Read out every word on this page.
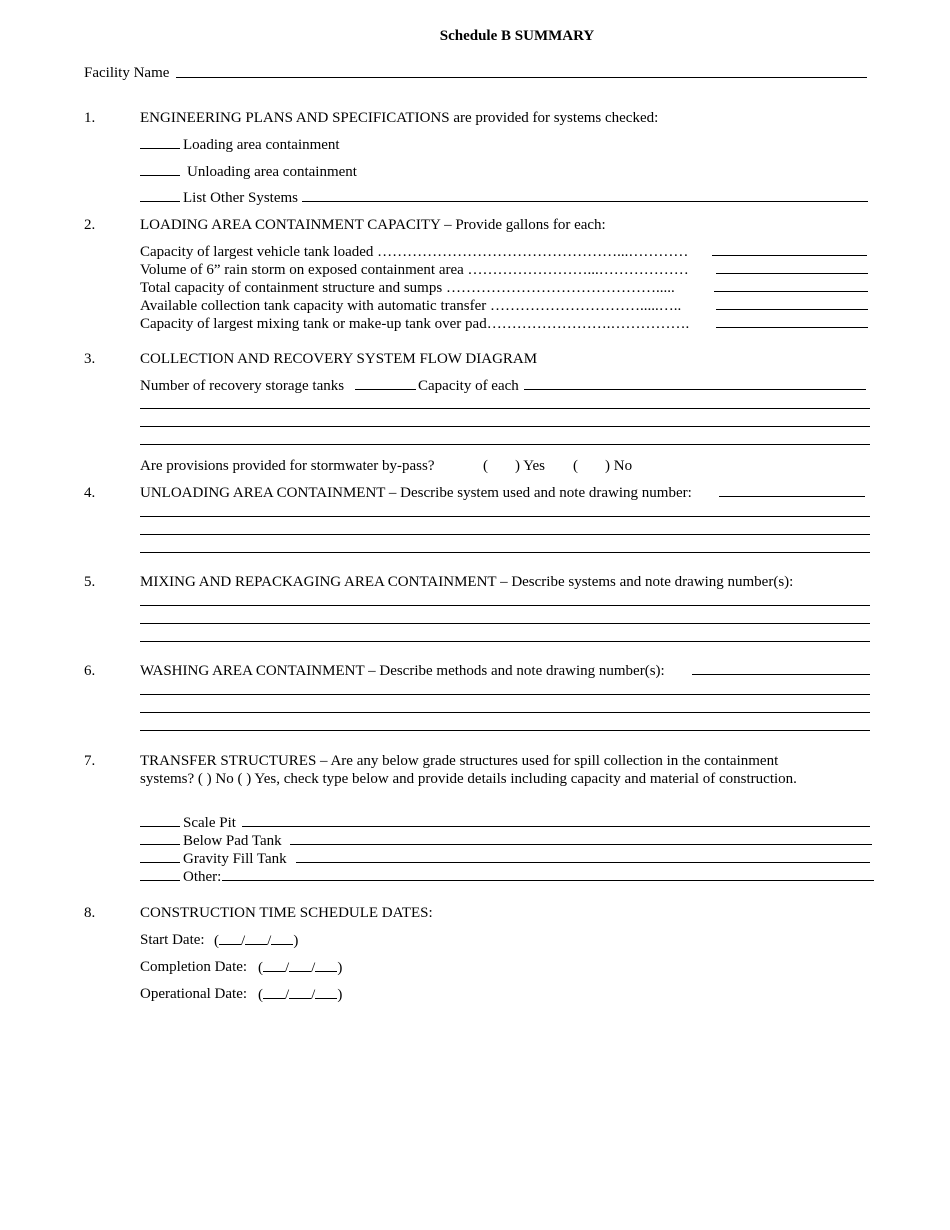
Schedule B SUMMARY
Facility Name
1.	ENGINEERING PLANS AND SPECIFICATIONS are provided for systems checked:
Loading area containment
Unloading area containment
List Other Systems
2.	LOADING AREA CONTAINMENT CAPACITY – Provide gallons for each:
Capacity of largest vehicle tank loaded …………………………………………...…………
Volume of 6” rain storm on exposed containment area ……………………...………………
Total capacity of containment structure and sumps …………………………………….....
Available collection tank capacity with automatic transfer ………………………….....…..
Capacity of largest mixing tank or make-up tank over pad…………………….…………….
3.	COLLECTION AND RECOVERY SYSTEM FLOW DIAGRAM
Number of recovery storage tanks	Capacity of each
Are provisions provided for stormwater by-pass?	( ) Yes ( ) No
4.	UNLOADING AREA CONTAINMENT – Describe system used and note drawing number:
5.	MIXING AND REPACKAGING AREA CONTAINMENT – Describe systems and note drawing number(s):
6.	WASHING AREA CONTAINMENT – Describe methods and note drawing number(s):
7.	TRANSFER STRUCTURES – Are any below grade structures used for spill collection in the containment systems? ( ) No ( ) Yes, check type below and provide details including capacity and material of construction.
Scale Pit
Below Pad Tank
Gravity Fill Tank
Other:
8.	CONSTRUCTION TIME SCHEDULE DATES:
Start Date: ( / / )
Completion Date: ( / / )
Operational Date: ( / / )
